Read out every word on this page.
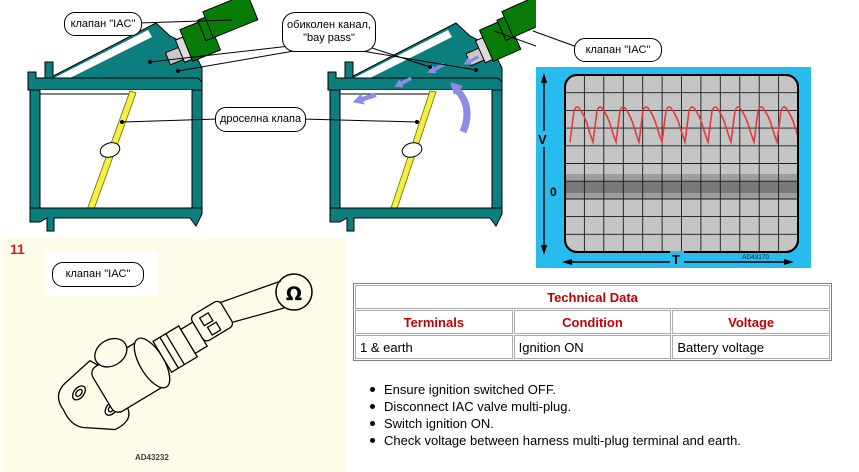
клапан "IAC"	обиколен канал,
"bay pass"
дроселна клапа
клапан "IAC"
V
0
T	AD43170
11
клапан "IAC"
Ω
AD43232
Technical Data		
Terminals	Condition	Voltage
1 & earth	Ignition ON	Battery voltage
Ensure ignition switched OFF.
Disconnect IAC valve multi-plug.
Switch ignition ON.
Check voltage between harness multi-plug terminal and earth.
